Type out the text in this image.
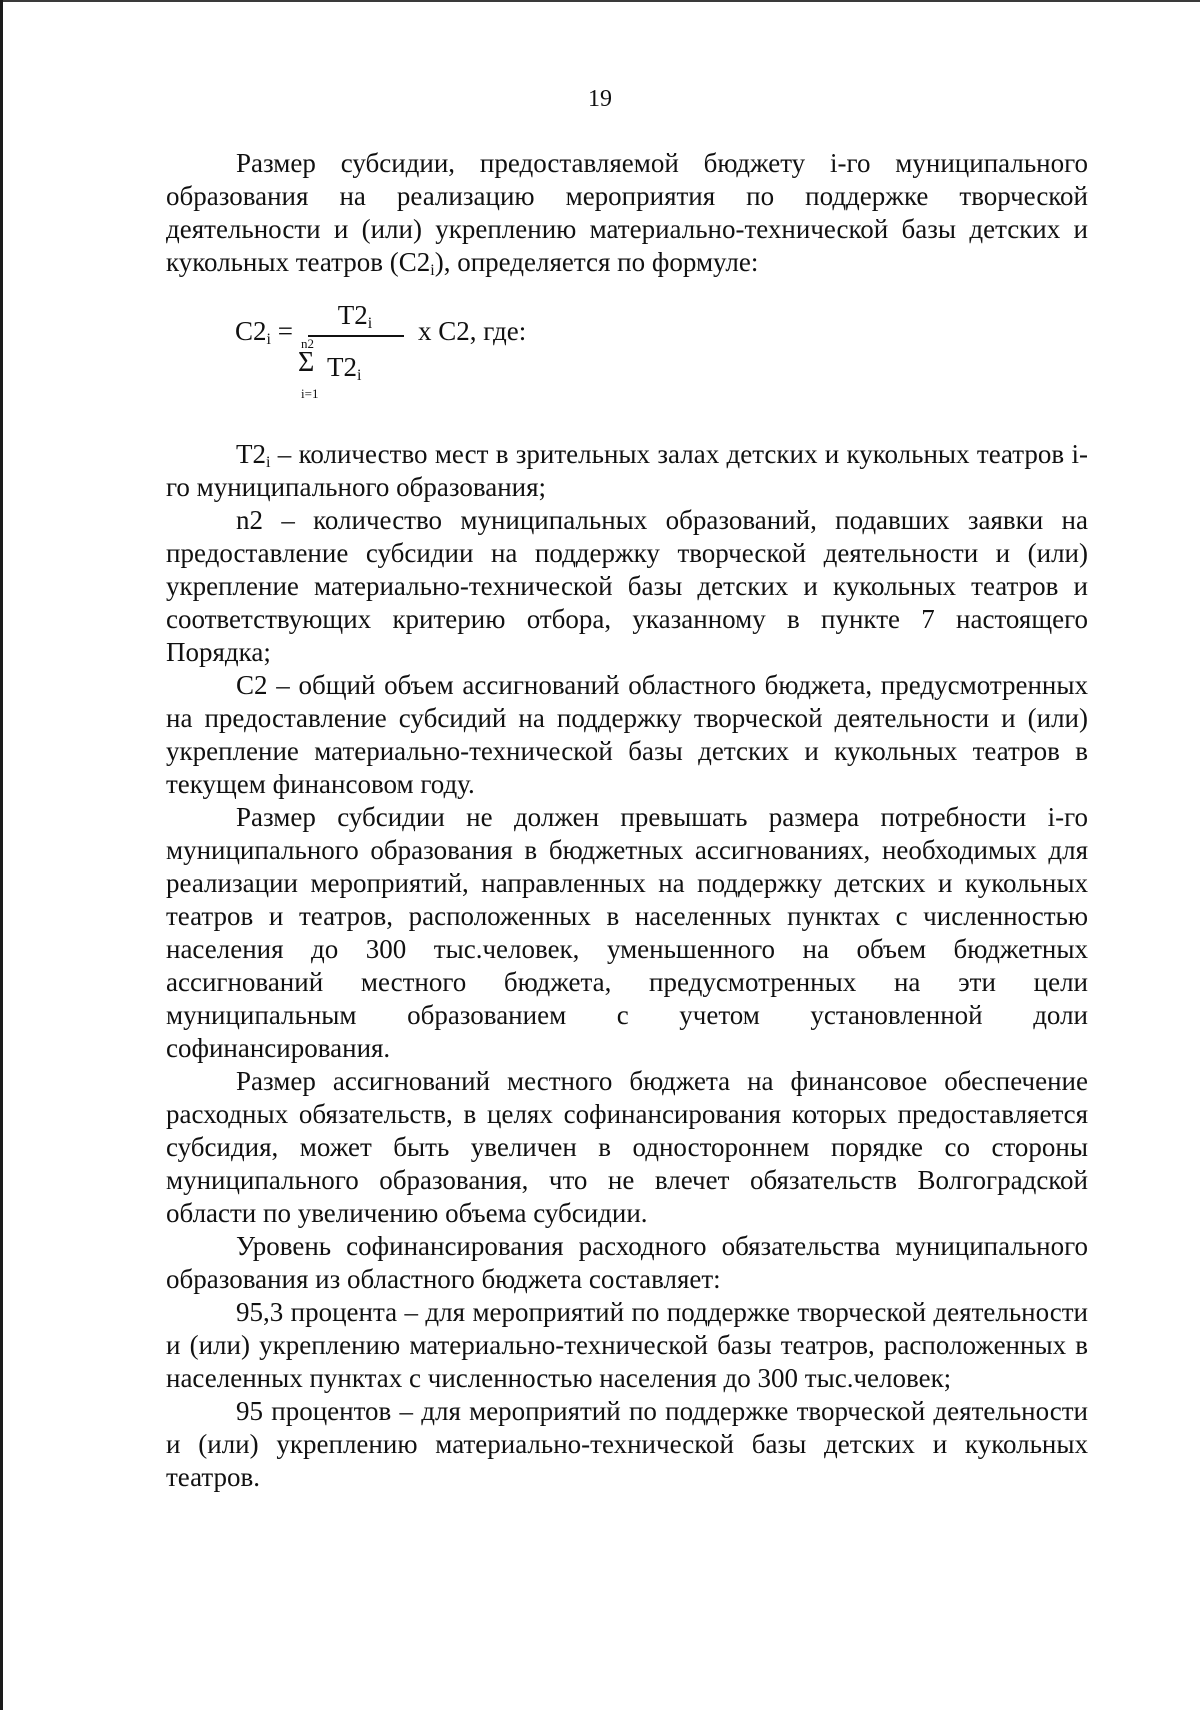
19

Размер субсидии, предоставляемой бюджету i-го муниципального образования на реализацию мероприятия по поддержке творческой деятельности и (или) укреплению материально-технической базы детских и кукольных театров $(С2_i)$, определяется по формуле:

$С2_i$ =
$Т2_i$
n2
Σ $Т2_i$
i=1
х С2, где:

$Т2_i$ – количество мест в зрительных залах детских и кукольных театров i-го муниципального образования;

n2 – количество муниципальных образований, подавших заявки на предоставление субсидии на поддержку творческой деятельности и (или) укрепление материально-технической базы детских и кукольных театров и соответствующих критерию отбора, указанному в пункте 7 настоящего Порядка;

С2 – общий объем ассигнований областного бюджета, предусмотренных на предоставление субсидий на поддержку творческой деятельности и (или) укрепление материально-технической базы детских и кукольных театров в текущем финансовом году.

Размер субсидии не должен превышать размера потребности i-го муниципального образования в бюджетных ассигнованиях, необходимых для реализации мероприятий, направленных на поддержку детских и кукольных театров и театров, расположенных в населенных пунктах с численностью населения до 300 тыс.человек, уменьшенного на объем бюджетных ассигнований местного бюджета, предусмотренных на эти цели муниципальным образованием с учетом установленной доли софинансирования.

Размер ассигнований местного бюджета на финансовое обеспечение расходных обязательств, в целях софинансирования которых предоставляется субсидия, может быть увеличен в одностороннем порядке со стороны муниципального образования, что не влечет обязательств Волгоградской области по увеличению объема субсидии.

Уровень софинансирования расходного обязательства муниципального образования из областного бюджета составляет:

95,3 процента – для мероприятий по поддержке творческой деятельности и (или) укреплению материально-технической базы театров, расположенных в населенных пунктах с численностью населения до 300 тыс.человек;

95 процентов – для мероприятий по поддержке творческой деятельности и (или) укреплению материально-технической базы детских и кукольных театров.
